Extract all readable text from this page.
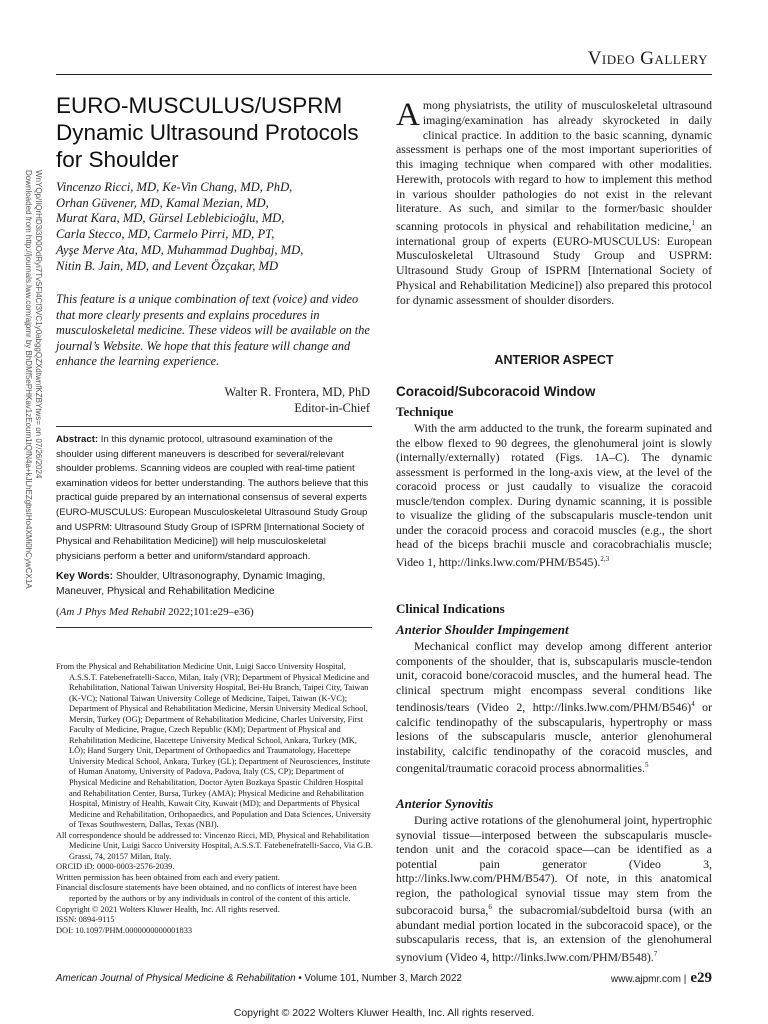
Downloaded from http://journals.lww.com/ajpmr by BhDMf5ePHKav1zEoum1tQfN4a+kJLhEZgbsIHo4XMi0hCywCX1A WnYQp/IlQrHD3i3D0OdRyi7TvSFl4Cf3VC1y0abggQZXdtwnfKZBYtws= on 07/26/2024
Video Gallery
EURO-MUSCULUS/USPRM
Dynamic Ultrasound Protocols
for Shoulder
Vincenzo Ricci, MD, Ke-Vin Chang, MD, PhD,
Orhan Güvener, MD, Kamal Mezian, MD,
Murat Kara, MD, Gürsel Leblebicioğlu, MD,
Carla Stecco, MD, Carmelo Pirri, MD, PT,
Ayşe Merve Ata, MD, Muhammad Dughbaj, MD,
Nitin B. Jain, MD, and Levent Özçakar, MD
This feature is a unique combination of text (voice) and video that more clearly presents and explains procedures in musculoskeletal medicine. These videos will be available on the journal’s Website. We hope that this feature will change and enhance the learning experience.
Walter R. Frontera, MD, PhD
Editor-in-Chief
Abstract: In this dynamic protocol, ultrasound examination of the shoulder using different maneuvers is described for several/relevant shoulder problems. Scanning videos are coupled with real-time patient examination videos for better understanding. The authors believe that this practical guide prepared by an international consensus of several experts (EURO-MUSCULUS: European Musculoskeletal Ultrasound Study Group and USPRM: Ultrasound Study Group of ISPRM [International Society of Physical and Rehabilitation Medicine]) will help musculoskeletal physicians perform a better and uniform/standard approach.
Key Words: Shoulder, Ultrasonography, Dynamic Imaging, Maneuver, Physical and Rehabilitation Medicine
(Am J Phys Med Rehabil 2022;101:e29–e36)
From the Physical and Rehabilitation Medicine Unit, Luigi Sacco University Hospital, A.S.S.T. Fatebenefratelli-Sacco, Milan, Italy (VR); Department of Physical Medicine and Rehabilitation, National Taiwan University Hospital, Bei-Hu Branch, Taipei City, Taiwan (K-VC); National Taiwan University College of Medicine, Taipei, Taiwan (K-VC); Department of Physical and Rehabilitation Medicine, Mersin University Medical School, Mersin, Turkey (OG); Department of Rehabilitation Medicine, Charles University, First Faculty of Medicine, Prague, Czech Republic (KM); Department of Physical and Rehabilitation Medicine, Hacettepe University Medical School, Ankara, Turkey (MK, LÖ); Hand Surgery Unit, Department of Orthopaedics and Traumatology, Hacettepe University Medical School, Ankara, Turkey (GL); Department of Neurosciences, Institute of Human Anatomy, University of Padova, Padova, Italy (CS, CP); Department of Physical Medicine and Rehabilitation, Doctor Ayten Bozkaya Spastic Children Hospital and Rehabilitation Center, Bursa, Turkey (AMA); Physical Medicine and Rehabilitation Hospital, Ministry of Health, Kuwait City, Kuwait (MD); and Departments of Physical Medicine and Rehabilitation, Orthopaedics, and Population and Data Sciences, University of Texas Southwestern, Dallas, Texas (NBJ).
All correspondence should be addressed to: Vincenzo Ricci, MD, Physical and Rehabilitation Medicine Unit, Luigi Sacco University Hospital, A.S.S.T. Fatebenefratelli-Sacco, Via G.B. Grassi, 74, 20157 Milan, Italy.
ORCID iD: 0000-0003-2576-2039.
Written permission has been obtained from each and every patient.
Financial disclosure statements have been obtained, and no conflicts of interest have been reported by the authors or by any individuals in control of the content of this article.
Copyright © 2021 Wolters Kluwer Health, Inc. All rights reserved.
ISSN: 0894-9115
DOI: 10.1097/PHM.0000000000001833
Among physiatrists, the utility of musculoskeletal ultrasound imaging/examination has already skyrocketed in daily clinical practice. In addition to the basic scanning, dynamic assessment is perhaps one of the most important superiorities of this imaging technique when compared with other modalities. Herewith, protocols with regard to how to implement this method in various shoulder pathologies do not exist in the relevant literature. As such, and similar to the former/basic shoulder scanning protocols in physical and rehabilitation medicine,$^1$ an international group of experts (EURO-MUSCULUS: European Musculoskeletal Ultrasound Study Group and USPRM: Ultrasound Study Group of ISPRM [International Society of Physical and Rehabilitation Medicine]) also prepared this protocol for dynamic assessment of shoulder disorders.
ANTERIOR ASPECT
Coracoid/Subcoracoid Window
Technique
With the arm adducted to the trunk, the forearm supinated and the elbow flexed to 90 degrees, the glenohumeral joint is slowly (internally/externally) rotated (Figs. 1A–C). The dynamic assessment is performed in the long-axis view, at the level of the coracoid process or just caudally to visualize the coracoid muscle/tendon complex. During dynamic scanning, it is possible to visualize the gliding of the subscapularis muscle-tendon unit under the coracoid process and coracoid muscles (e.g., the short head of the biceps brachii muscle and coracobrachialis muscle; Video 1, http://links.lww.com/PHM/B545).$^{2,3}$
Clinical Indications
Anterior Shoulder Impingement
Mechanical conflict may develop among different anterior components of the shoulder, that is, subscapularis muscle-tendon unit, coracoid bone/coracoid muscles, and the humeral head. The clinical spectrum might encompass several conditions like tendinosis/tears (Video 2, http://links.lww.com/PHM/B546)$^4$ or calcific tendinopathy of the subscapularis, hypertrophy or mass lesions of the subscapularis muscle, anterior glenohumeral instability, calcific tendinopathy of the coracoid muscles, and congenital/traumatic coracoid process abnormalities.$^5$
Anterior Synovitis
During active rotations of the glenohumeral joint, hypertrophic synovial tissue—interposed between the subscapularis muscle-tendon unit and the coracoid space—can be identified as a potential pain generator (Video 3, http://links.lww.com/PHM/B547). Of note, in this anatomical region, the pathological synovial tissue may stem from the subcoracoid bursa,$^6$ the subacromial/subdeltoid bursa (with an abundant medial portion located in the subcoracoid space), or the subscapularis recess, that is, an extension of the glenohumeral synovium (Video 4, http://links.lww.com/PHM/B548).$^7$
American Journal of Physical Medicine & Rehabilitation • Volume 101, Number 3, March 2022	www.ajpmr.com | e29
Copyright © 2022 Wolters Kluwer Health, Inc. All rights reserved.
